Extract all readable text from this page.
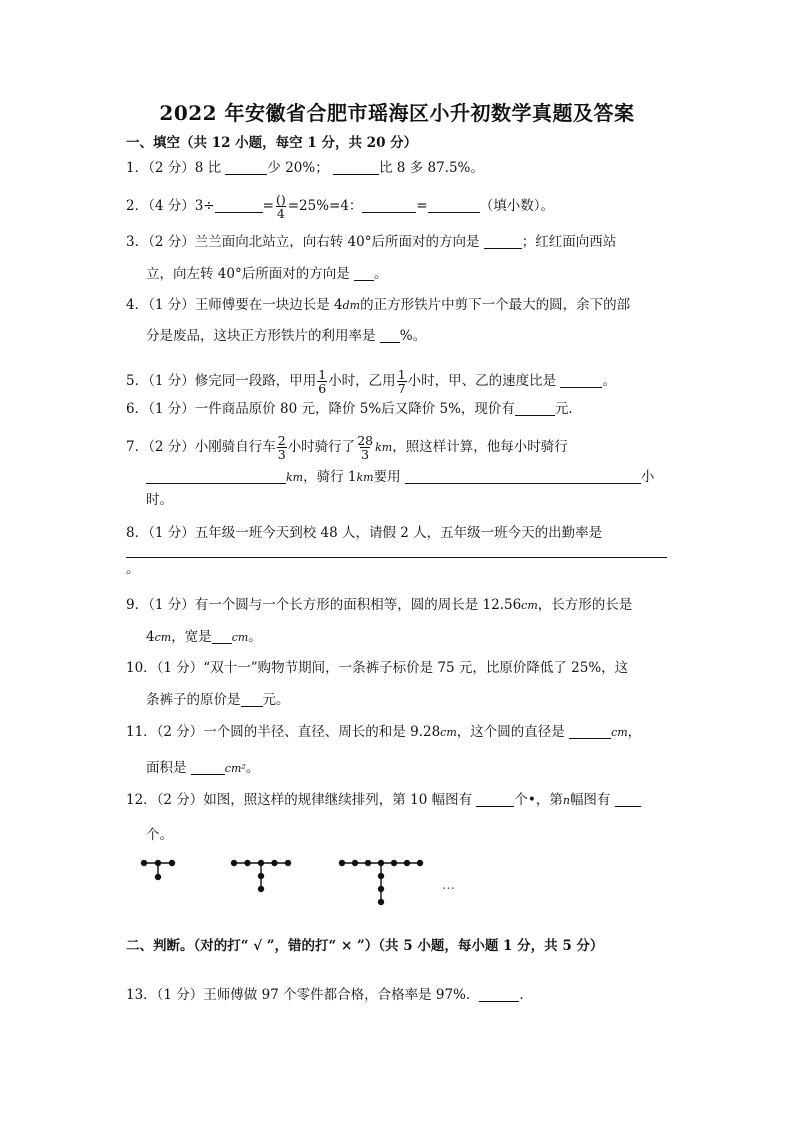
2022 年安徽省合肥市瑶海区小升初数学真题及答案
一、填空（共 12 小题，每空 1 分，共 20 分）
1．（2 分）8 比	少 20%；	比 8 多 87.5%。
2．（4 分）3÷	= $\frac{()}{4} =25\%=4$：	=	（填小数）。
3．（2 分）兰兰面向北站立，向右转 40°后所面对的方向是	；红红面向西站
立，向左转 40°后所面对的方向是 。
4．（1 分）王师傅要在一块边长是 4dm的正方形铁片中剪下一个最大的圆，余下的部
分是废品，这块正方形铁片的利用率是 %。
5．（1 分）修完同一段路，甲用 $\frac{1}{6}$ 小时，乙用 $\frac{1}{7}$ 小时，甲、乙的速度比是	。
6．（1 分）一件商品原价 80 元，降价 5%后又降价 5%，现价有	元．
7．（2 分）小刚骑自行车 $\frac{2}{3}$ 小时骑行了 $\frac{28}{3}$ km，照这样计算，他每小时骑行
km，骑行 1km要用	小
时。
8．（1 分）五年级一班今天到校 48 人，请假 2 人，五年级一班今天的出勤率是
。
9．（1 分）有一个圆与一个长方形的面积相等，圆的周长是 12.56cm，长方形的长是
4cm，宽是 cm。
10．（1 分）“双十一”购物节期间，一条裤子标价是 75 元，比原价降低了 25%，这
条裤子的原价是 元。
11．（2 分）一个圆的半径、直径、周长的和是 9.28cm，这个圆的直径是	cm，
面积是	cm²。
12．（2 分）如图，照这样的规律继续排列，第 10 幅图有	个•，第n幅图有
个。
…
二、判断。（对的打“ √ ”，错的打“ × ”）（共 5 小题，每小题 1 分，共 5 分）
13．（1 分）王师傅做 97 个零件都合格，合格率是 97%．	.
